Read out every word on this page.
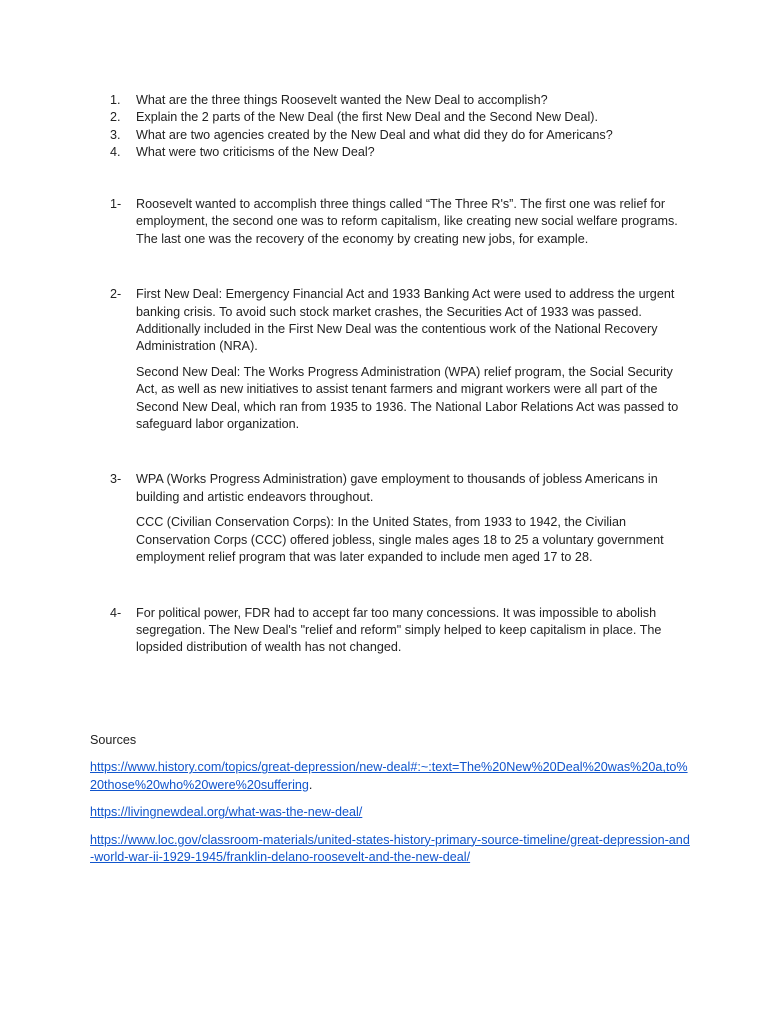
1.	What are the three things Roosevelt wanted the New Deal to accomplish?
2.	Explain the 2 parts of the New Deal (the first New Deal and the Second New Deal).
3.	What are two agencies created by the New Deal and what did they do for Americans?
4.	What were two criticisms of the New Deal?
1-	Roosevelt wanted to accomplish three things called “The Three R's”. The first one was relief for employment, the second one was to reform capitalism, like creating new social welfare programs. The last one was the recovery of the economy by creating new jobs, for example.

2-	First New Deal: Emergency Financial Act and 1933 Banking Act were used to address the urgent banking crisis. To avoid such stock market crashes, the Securities Act of 1933 was passed. Additionally included in the First New Deal was the contentious work of the National Recovery Administration (NRA).

Second New Deal: The Works Progress Administration (WPA) relief program, the Social Security Act, as well as new initiatives to assist tenant farmers and migrant workers were all part of the Second New Deal, which ran from 1935 to 1936. The National Labor Relations Act was passed to safeguard labor organization.

3-	WPA (Works Progress Administration) gave employment to thousands of jobless Americans in building and artistic endeavors throughout.

CCC (Civilian Conservation Corps): In the United States, from 1933 to 1942, the Civilian Conservation Corps (CCC) offered jobless, single males ages 18 to 25 a voluntary government employment relief program that was later expanded to include men aged 17 to 28.

4-	For political power, FDR had to accept far too many concessions. It was impossible to abolish segregation. The New Deal's "relief and reform" simply helped to keep capitalism in place. The lopsided distribution of wealth has not changed.

Sources

https://www.history.com/topics/great-depression/new-deal#:~:text=The%20New%20Deal%20was%20a,to%20those%20who%20were%20suffering.

https://livingnewdeal.org/what-was-the-new-deal/

https://www.loc.gov/classroom-materials/united-states-history-primary-source-timeline/great-depression-and-world-war-ii-1929-1945/franklin-delano-roosevelt-and-the-new-deal/
